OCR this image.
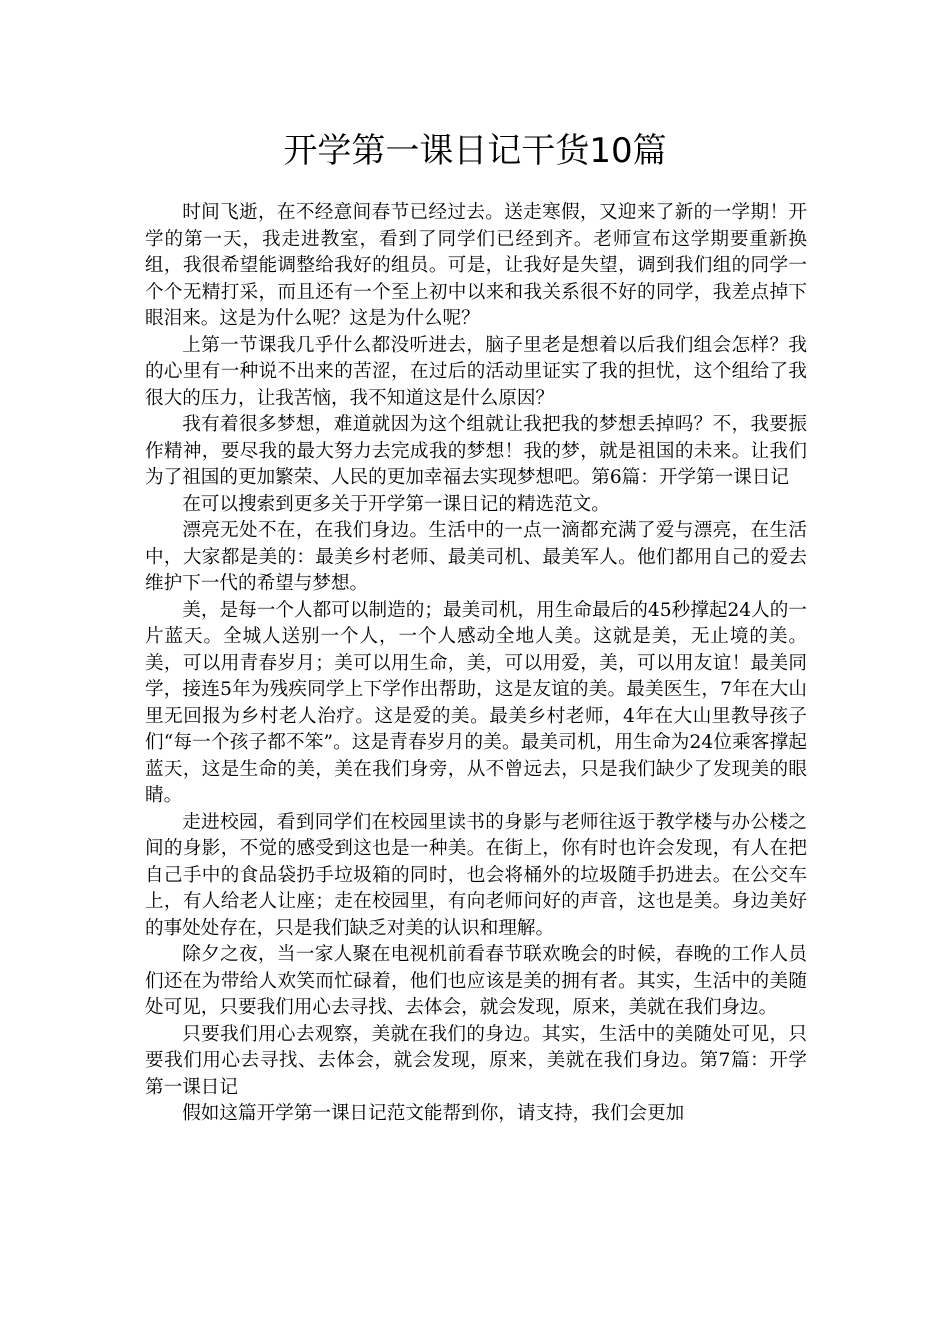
开学第一课日记干货10篇

时间飞逝，在不经意间春节已经过去。送走寒假，又迎来了新的一学期！开学的第一天，我走进教室，看到了同学们已经到齐。老师宣布这学期要重新换组，我很希望能调整给我好的组员。可是，让我好是失望，调到我们组的同学一个个无精打采，而且还有一个至上初中以来和我关系很不好的同学，我差点掉下眼泪来。这是为什么呢？这是为什么呢？

上第一节课我几乎什么都没听进去，脑子里老是想着以后我们组会怎样？我的心里有一种说不出来的苦涩，在过后的活动里证实了我的担忧，这个组给了我很大的压力，让我苦恼，我不知道这是什么原因？

我有着很多梦想，难道就因为这个组就让我把我的梦想丢掉吗？不，我要振作精神，要尽我的最大努力去完成我的梦想！我的梦，就是祖国的未来。让我们为了祖国的更加繁荣、人民的更加幸福去实现梦想吧。第6篇：开学第一课日记

在可以搜索到更多关于开学第一课日记的精选范文。

漂亮无处不在，在我们身边。生活中的一点一滴都充满了爱与漂亮，在生活中，大家都是美的：最美乡村老师、最美司机、最美军人。他们都用自己的爱去维护下一代的希望与梦想。

美，是每一个人都可以制造的；最美司机，用生命最后的45秒撑起24人的一片蓝天。全城人送别一个人，一个人感动全地人美。这就是美，无止境的美。美，可以用青春岁月；美可以用生命，美，可以用爱，美，可以用友谊！最美同学，接连5年为残疾同学上下学作出帮助，这是友谊的美。最美医生，7年在大山里无回报为乡村老人治疗。这是爱的美。最美乡村老师，4年在大山里教导孩子们“每一个孩子都不笨”。这是青春岁月的美。最美司机，用生命为24位乘客撑起蓝天，这是生命的美，美在我们身旁，从不曾远去，只是我们缺少了发现美的眼睛。

走进校园，看到同学们在校园里读书的身影与老师往返于教学楼与办公楼之间的身影，不觉的感受到这也是一种美。在街上，你有时也许会发现，有人在把自己手中的食品袋扔手垃圾箱的同时，也会将桶外的垃圾随手扔进去。在公交车上，有人给老人让座；走在校园里，有向老师问好的声音，这也是美。身边美好的事处处存在，只是我们缺乏对美的认识和理解。

除夕之夜，当一家人聚在电视机前看春节联欢晚会的时候，春晚的工作人员们还在为带给人欢笑而忙碌着，他们也应该是美的拥有者。其实，生活中的美随处可见，只要我们用心去寻找、去体会，就会发现，原来，美就在我们身边。

只要我们用心去观察，美就在我们的身边。其实，生活中的美随处可见，只要我们用心去寻找、去体会，就会发现，原来，美就在我们身边。第7篇：开学第一课日记

假如这篇开学第一课日记范文能帮到你，请支持，我们会更加
